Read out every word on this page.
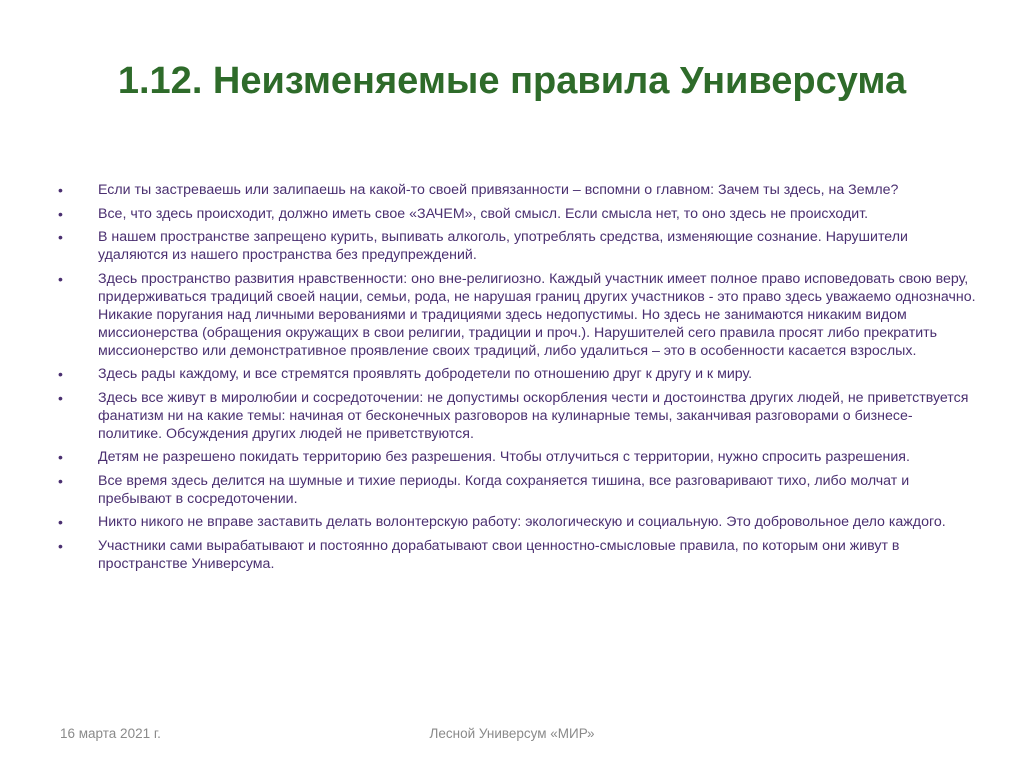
1.12. Неизменяемые правила Универсума
• Если ты застреваешь или залипаешь на какой-то своей привязанности – вспомни о главном: Зачем ты здесь, на Земле?
• Все, что здесь происходит, должно иметь свое «ЗАЧЕМ», свой смысл. Если смысла нет, то оно здесь не происходит.
• В нашем пространстве запрещено курить, выпивать алкоголь, употреблять средства, изменяющие сознание. Нарушители удаляются из нашего пространства без предупреждений.
• Здесь пространство развития нравственности: оно вне-религиозно. Каждый участник имеет полное право исповедовать свою веру, придерживаться традиций своей нации, семьи, рода, не нарушая границ других участников - это право здесь уважаемо однозначно. Никакие поругания над личными верованиями и традициями здесь недопустимы. Но здесь не занимаются никаким видом миссионерства (обращения окружащих в свои религии, традиции и проч.). Нарушителей сего правила просят либо прекратить миссионерство или демонстративное проявление своих традиций, либо удалиться – это в особенности касается взрослых.
• Здесь рады каждому, и все стремятся проявлять добродетели по отношению друг к другу и к миру.
• Здесь все живут в миролюбии и сосредоточении: не допустимы оскорбления чести и достоинства других людей, не приветствуется фанатизм ни на какие темы: начиная от бесконечных разговоров на кулинарные темы, заканчивая разговорами о бизнесе-политике. Обсуждения других людей не приветствуются.
• Детям не разрешено покидать территорию без разрешения. Чтобы отлучиться с территории, нужно спросить разрешения.
• Все время здесь делится на шумные и тихие периоды. Когда сохраняется тишина, все разговаривают тихо, либо молчат и пребывают в сосредоточении.
• Никто никого не вправе заставить делать волонтерскую работу: экологическую и социальную. Это добровольное дело каждого.
• Участники сами вырабатывают и постоянно дорабатывают свои ценностно-смысловые правила, по которым они живут в пространстве Универсума.
16 марта 2021 г.	Лесной Универсум «МИР»
